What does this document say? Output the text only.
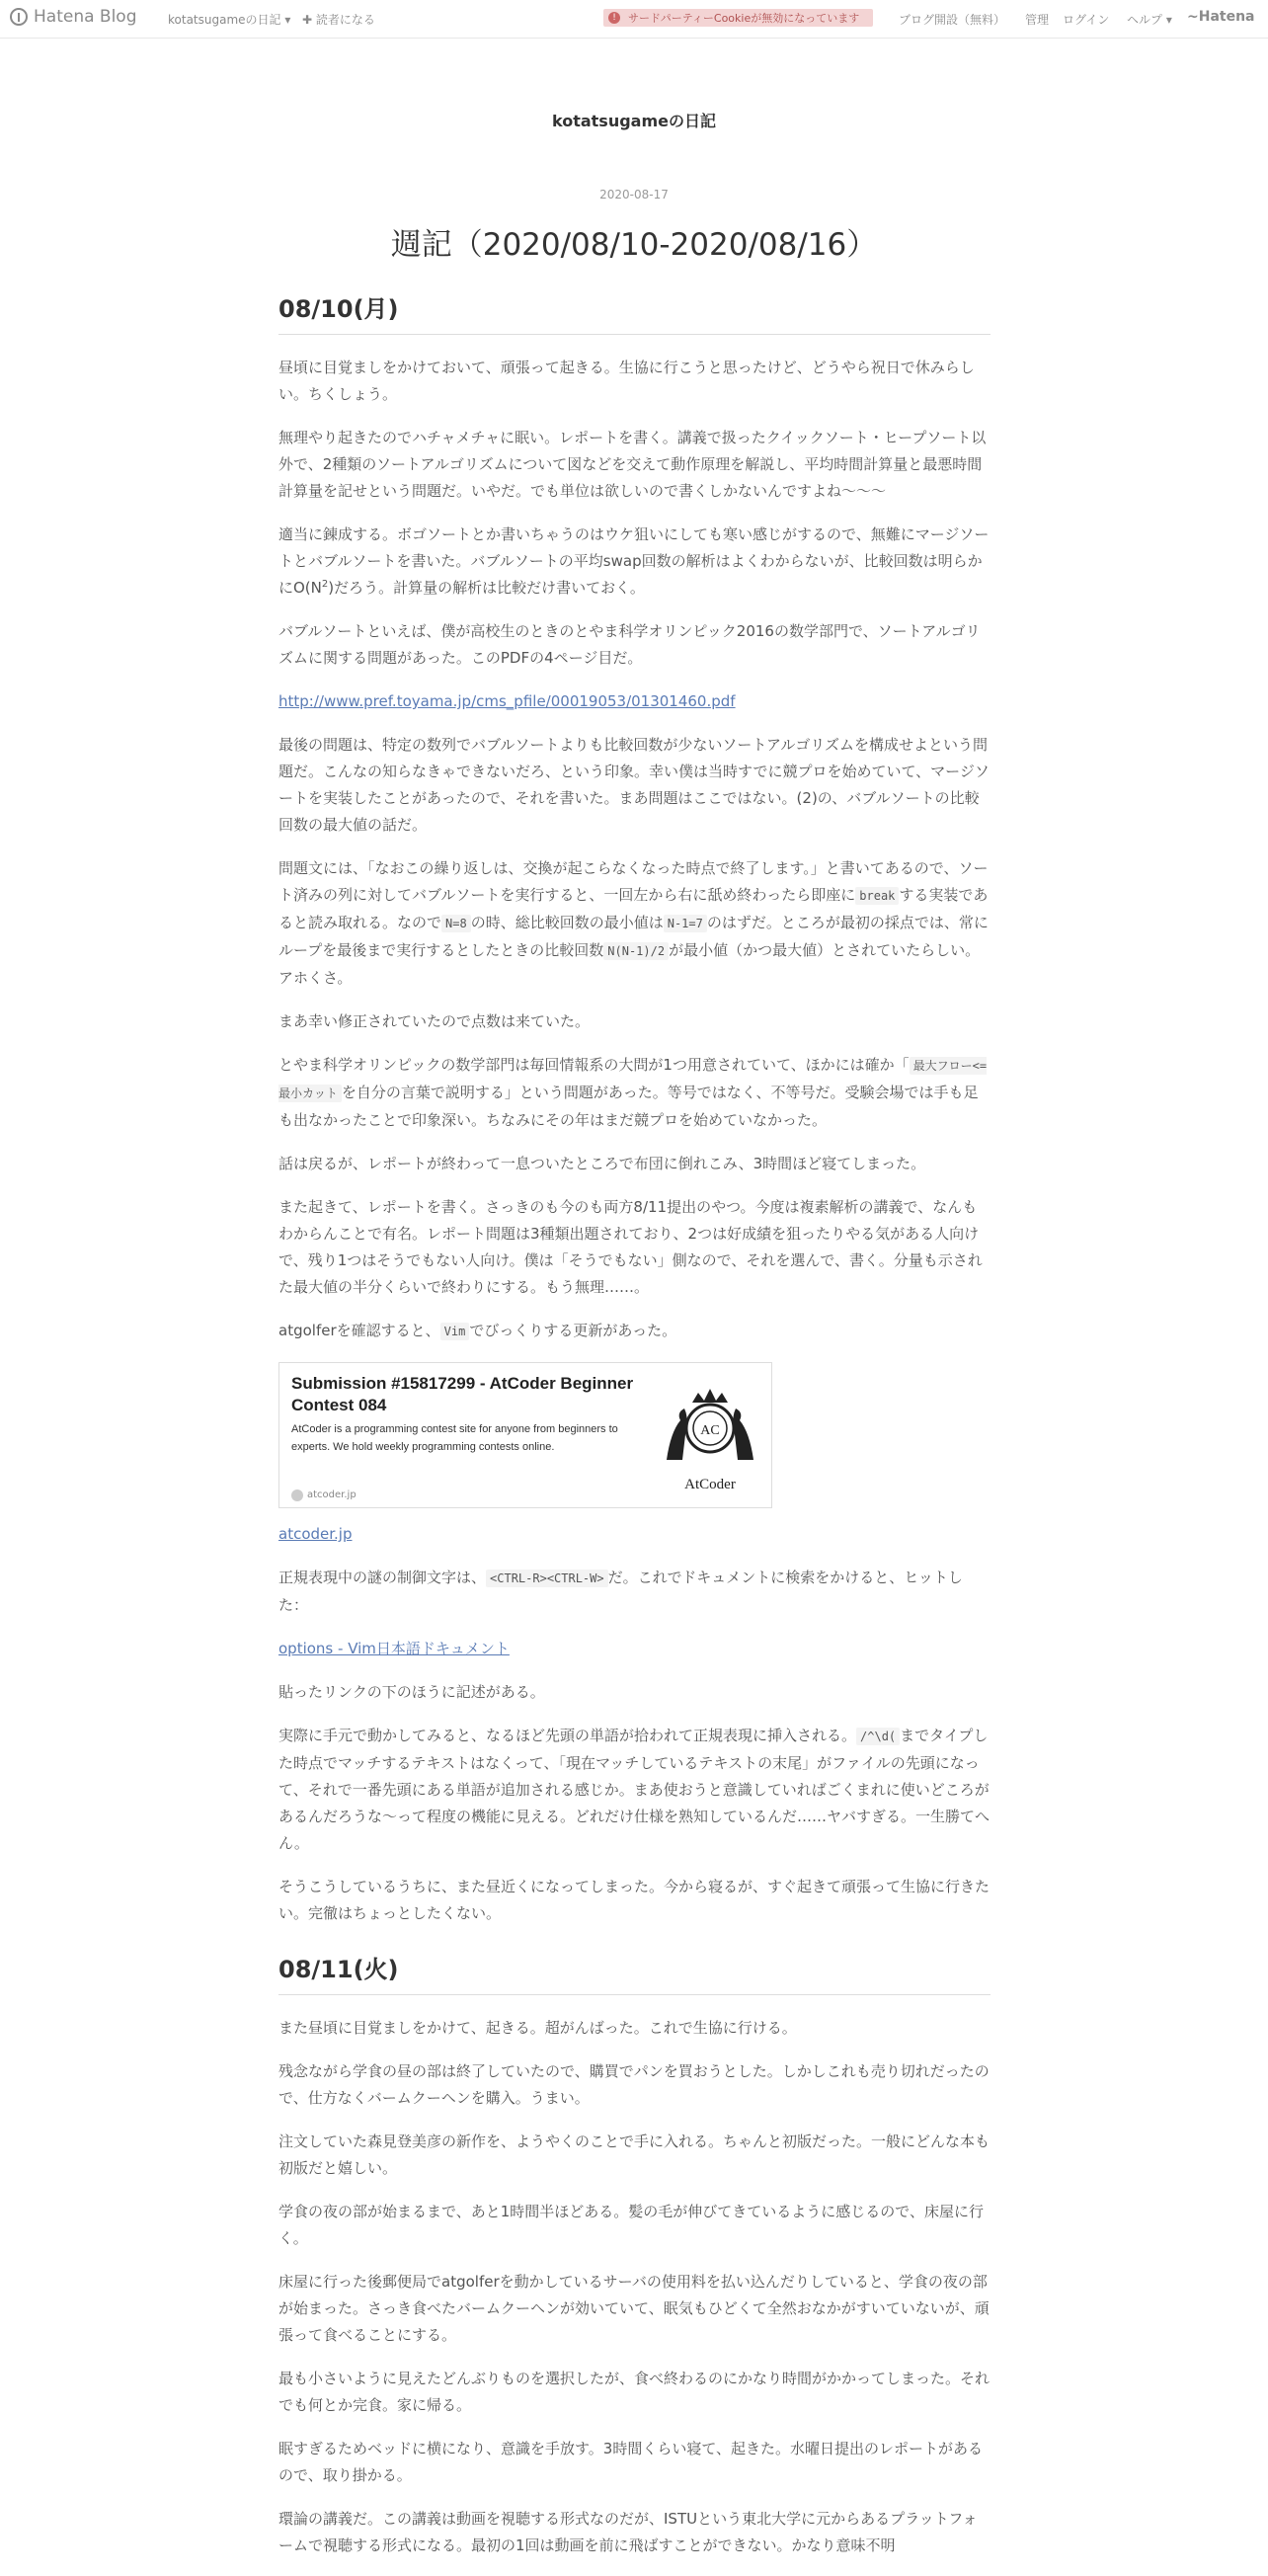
Hatena Blog	kotatsugameの日記 ▾ ✚ 読者になる	!	サードパーティーCookieが無効になっています	ブログ開設（無料） 管理 ログイン ヘルプ ▾ ~Hatena
kotatsugameの日記
2020-08-17
週記（2020/08/10-2020/08/16）
08/10(月)

昼頃に目覚ましをかけておいて、頑張って起きる。生協に行こうと思ったけど、どうやら祝日で休みらしい。ちくしょう。

無理やり起きたのでハチャメチャに眠い。レポートを書く。講義で扱ったクイックソート・ヒープソート以外で、2種類のソートアルゴリズムについて図などを交えて動作原理を解説し、平均時間計算量と最悪時間計算量を記せという問題だ。いやだ。でも単位は欲しいので書くしかないんですよね～～～

適当に錬成する。ボゴソートとか書いちゃうのはウケ狙いにしても寒い感じがするので、無難にマージソートとバブルソートを書いた。バブルソートの平均swap回数の解析はよくわからないが、比較回数は明らかに$O(N^2)$だろう。計算量の解析は比較だけ書いておく。

バブルソートといえば、僕が高校生のときのとやま科学オリンピック2016の数学部門で、ソートアルゴリズムに関する問題があった。このPDFの4ページ目だ。

http://www.pref.toyama.jp/cms_pfile/00019053/01301460.pdf

最後の問題は、特定の数列でバブルソートよりも比較回数が少ないソートアルゴリズムを構成せよという問題だ。こんなの知らなきゃできないだろ、という印象。幸い僕は当時すでに競プロを始めていて、マージソートを実装したことがあったので、それを書いた。まあ問題はここではない。(2)の、バブルソートの比較回数の最大値の話だ。

問題文には、「なおこの繰り返しは、交換が起こらなくなった時点で終了します。」と書いてあるので、ソート済みの列に対してバブルソートを実行すると、一回左から右に舐め終わったら即座に break する実装であると読み取れる。なので N=8 の時、総比較回数の最小値は N-1=7 のはずだ。ところが最初の採点では、常にループを最後まで実行するとしたときの比較回数 N(N-1)/2 が最小値（かつ最大値）とされていたらしい。アホくさ。

まあ幸い修正されていたので点数は来ていた。

とやま科学オリンピックの数学部門は毎回情報系の大問が1つ用意されていて、ほかには確か「 最大フロー<=最小カット を自分の言葉で説明する」という問題があった。等号ではなく、不等号だ。受験会場では手も足も出なかったことで印象深い。ちなみにその年はまだ競プロを始めていなかった。

話は戻るが、レポートが終わって一息ついたところで布団に倒れこみ、3時間ほど寝てしまった。

また起きて、レポートを書く。さっきのも今のも両方8/11提出のやつ。今度は複素解析の講義で、なんもわからんことで有名。レポート問題は3種類出題されており、2つは好成績を狙ったりやる気がある人向けで、残り1つはそうでもない人向け。僕は「そうでもない」側なので、それを選んで、書く。分量も示された最大値の半分くらいで終わりにする。もう無理……。

atgolferを確認すると、 Vim でびっくりする更新があった。

Submission #15817299 - AtCoder Beginner Contest 084
AtCoder is a programming contest site for anyone from beginners to experts. We hold weekly programming contests online.
atcoder.jp
AC
AtCoder

atcoder.jp

正規表現中の謎の制御文字は、 <CTRL-R><CTRL-W> だ。これでドキュメントに検索をかけると、ヒットした：

options - Vim日本語ドキュメント

貼ったリンクの下のほうに記述がある。

実際に手元で動かしてみると、なるほど先頭の単語が拾われて正規表現に挿入される。 /^\d( までタイプした時点でマッチするテキストはなくって、「現在マッチしているテキストの末尾」がファイルの先頭になって、それで一番先頭にある単語が追加される感じか。まあ使おうと意識していればごくまれに使いどころがあるんだろうな～って程度の機能に見える。どれだけ仕様を熟知しているんだ……ヤバすぎる。一生勝てへん。

そうこうしているうちに、また昼近くになってしまった。今から寝るが、すぐ起きて頑張って生協に行きたい。完徹はちょっとしたくない。

08/11(火)

また昼頃に目覚ましをかけて、起きる。超がんばった。これで生協に行ける。

残念ながら学食の昼の部は終了していたので、購買でパンを買おうとした。しかしこれも売り切れだったので、仕方なくバームクーヘンを購入。うまい。

注文していた森見登美彦の新作を、ようやくのことで手に入れる。ちゃんと初版だった。一般にどんな本も初版だと嬉しい。

学食の夜の部が始まるまで、あと1時間半ほどある。髪の毛が伸びてきているように感じるので、床屋に行く。

床屋に行った後郵便局でatgolferを動かしているサーバの使用料を払い込んだりしていると、学食の夜の部が始まった。さっき食べたバームクーヘンが効いていて、眠気もひどくて全然おなかがすいていないが、頑張って食べることにする。

最も小さいように見えたどんぶりものを選択したが、食べ終わるのにかなり時間がかかってしまった。それでも何とか完食。家に帰る。

眠すぎるためベッドに横になり、意識を手放す。3時間くらい寝て、起きた。水曜日提出のレポートがあるので、取り掛かる。

環論の講義だ。この講義は動画を視聴する形式なのだが、ISTUという東北大学に元からあるプラットフォームで視聴する形式になる。最初の1回は動画を前に飛ばすことができない。かなり意味不明
